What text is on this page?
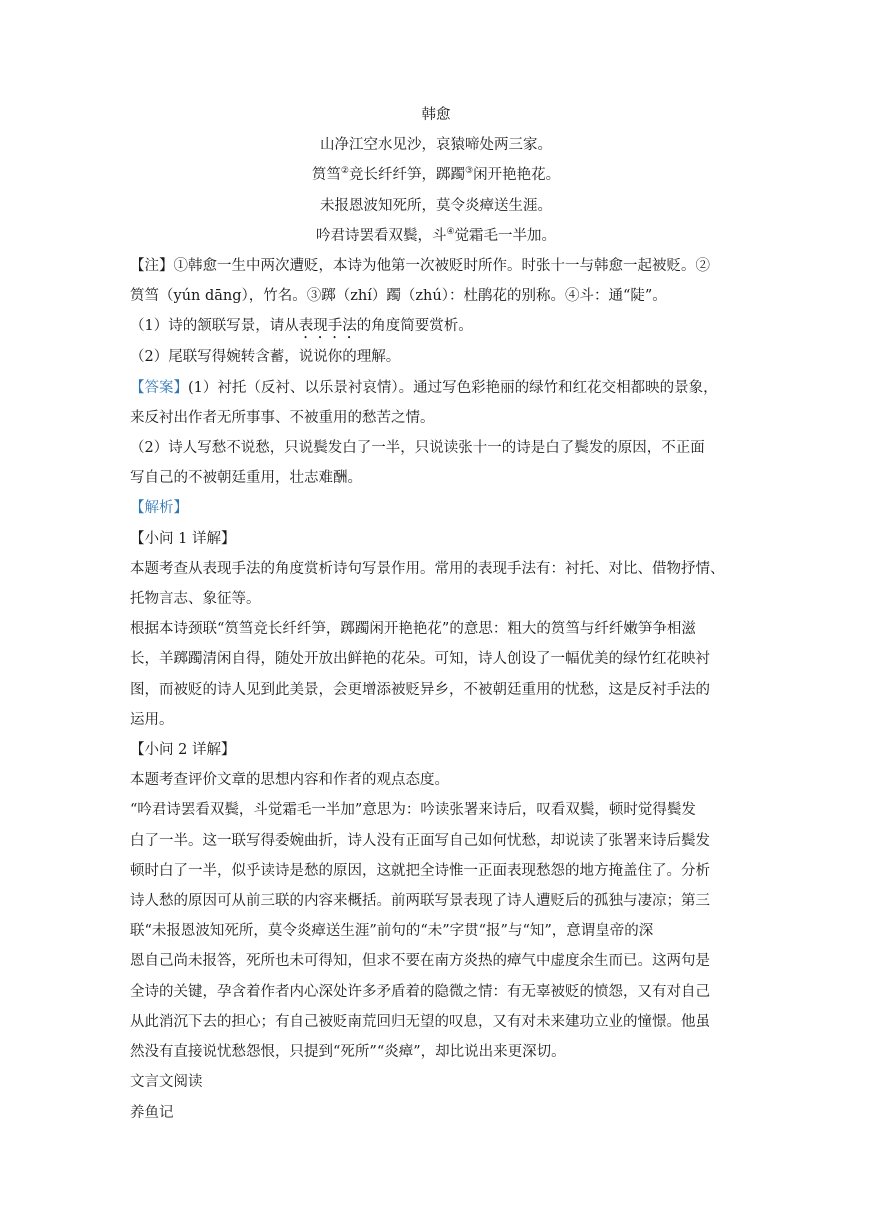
韩愈

山净江空水见沙，哀猿啼处两三家。

筼筜②竞长纤纤笋，踯躅③闲开艳艳花。

未报恩波知死所，莫令炎瘴送生涯。

吟君诗罢看双鬓，斗④觉霜毛一半加。

【注】①韩愈一生中两次遭贬，本诗为他第一次被贬时所作。时张十一与韩愈一起被贬。②

筼筜（yún dāng），竹名。③踯（zhí）躅（zhú）：杜鹃花的别称。④斗：通“陡”。

（1）诗的颔联写景，请从表现手法的角度简要赏析。

（2）尾联写得婉转含蓄，说说你的理解。

【答案】(1）衬托（反衬、以乐景衬哀情）。通过写色彩艳丽的绿竹和红花交相都映的景象，

来反衬出作者无所事事、不被重用的愁苦之情。

（2）诗人写愁不说愁，只说鬓发白了一半，只说读张十一的诗是白了鬓发的原因，不正面

写自己的不被朝廷重用，壮志难酬。

【解析】

【小问 1 详解】

本题考查从表现手法的角度赏析诗句写景作用。常用的表现手法有：衬托、对比、借物抒情、

托物言志、象征等。

根据本诗颈联“筼筜竞长纤纤笋，踯躅闲开艳艳花”的意思：粗大的筼筜与纤纤嫩笋争相滋

长，羊踯躅清闲自得，随处开放出鲜艳的花朵。可知，诗人创设了一幅优美的绿竹红花映衬

图，而被贬的诗人见到此美景，会更增添被贬异乡，不被朝廷重用的忧愁，这是反衬手法的

运用。

【小问 2 详解】

本题考查评价文章的思想内容和作者的观点态度。

“吟君诗罢看双鬓，斗觉霜毛一半加”意思为：吟读张署来诗后，叹看双鬓，顿时觉得鬓发

白了一半。这一联写得委婉曲折，诗人没有正面写自己如何忧愁，却说读了张署来诗后鬓发

顿时白了一半，似乎读诗是愁的原因，这就把全诗惟一正面表现愁怨的地方掩盖住了。分析

诗人愁的原因可从前三联的内容来概括。前两联写景表现了诗人遭贬后的孤独与凄凉；第三

联“未报恩波知死所，莫令炎瘴送生涯”前句的“未”字贯“报”与“知”，意谓皇帝的深

恩自己尚未报答，死所也未可得知，但求不要在南方炎热的瘴气中虚度余生而已。这两句是

全诗的关键，孕含着作者内心深处许多矛盾着的隐微之情：有无辜被贬的愤怨，又有对自己

从此消沉下去的担心；有自己被贬南荒回归无望的叹息，又有对未来建功立业的憧憬。他虽

然没有直接说忧愁怨恨，只提到“死所”“炎瘴”，却比说出来更深切。

文言文阅读

养鱼记
